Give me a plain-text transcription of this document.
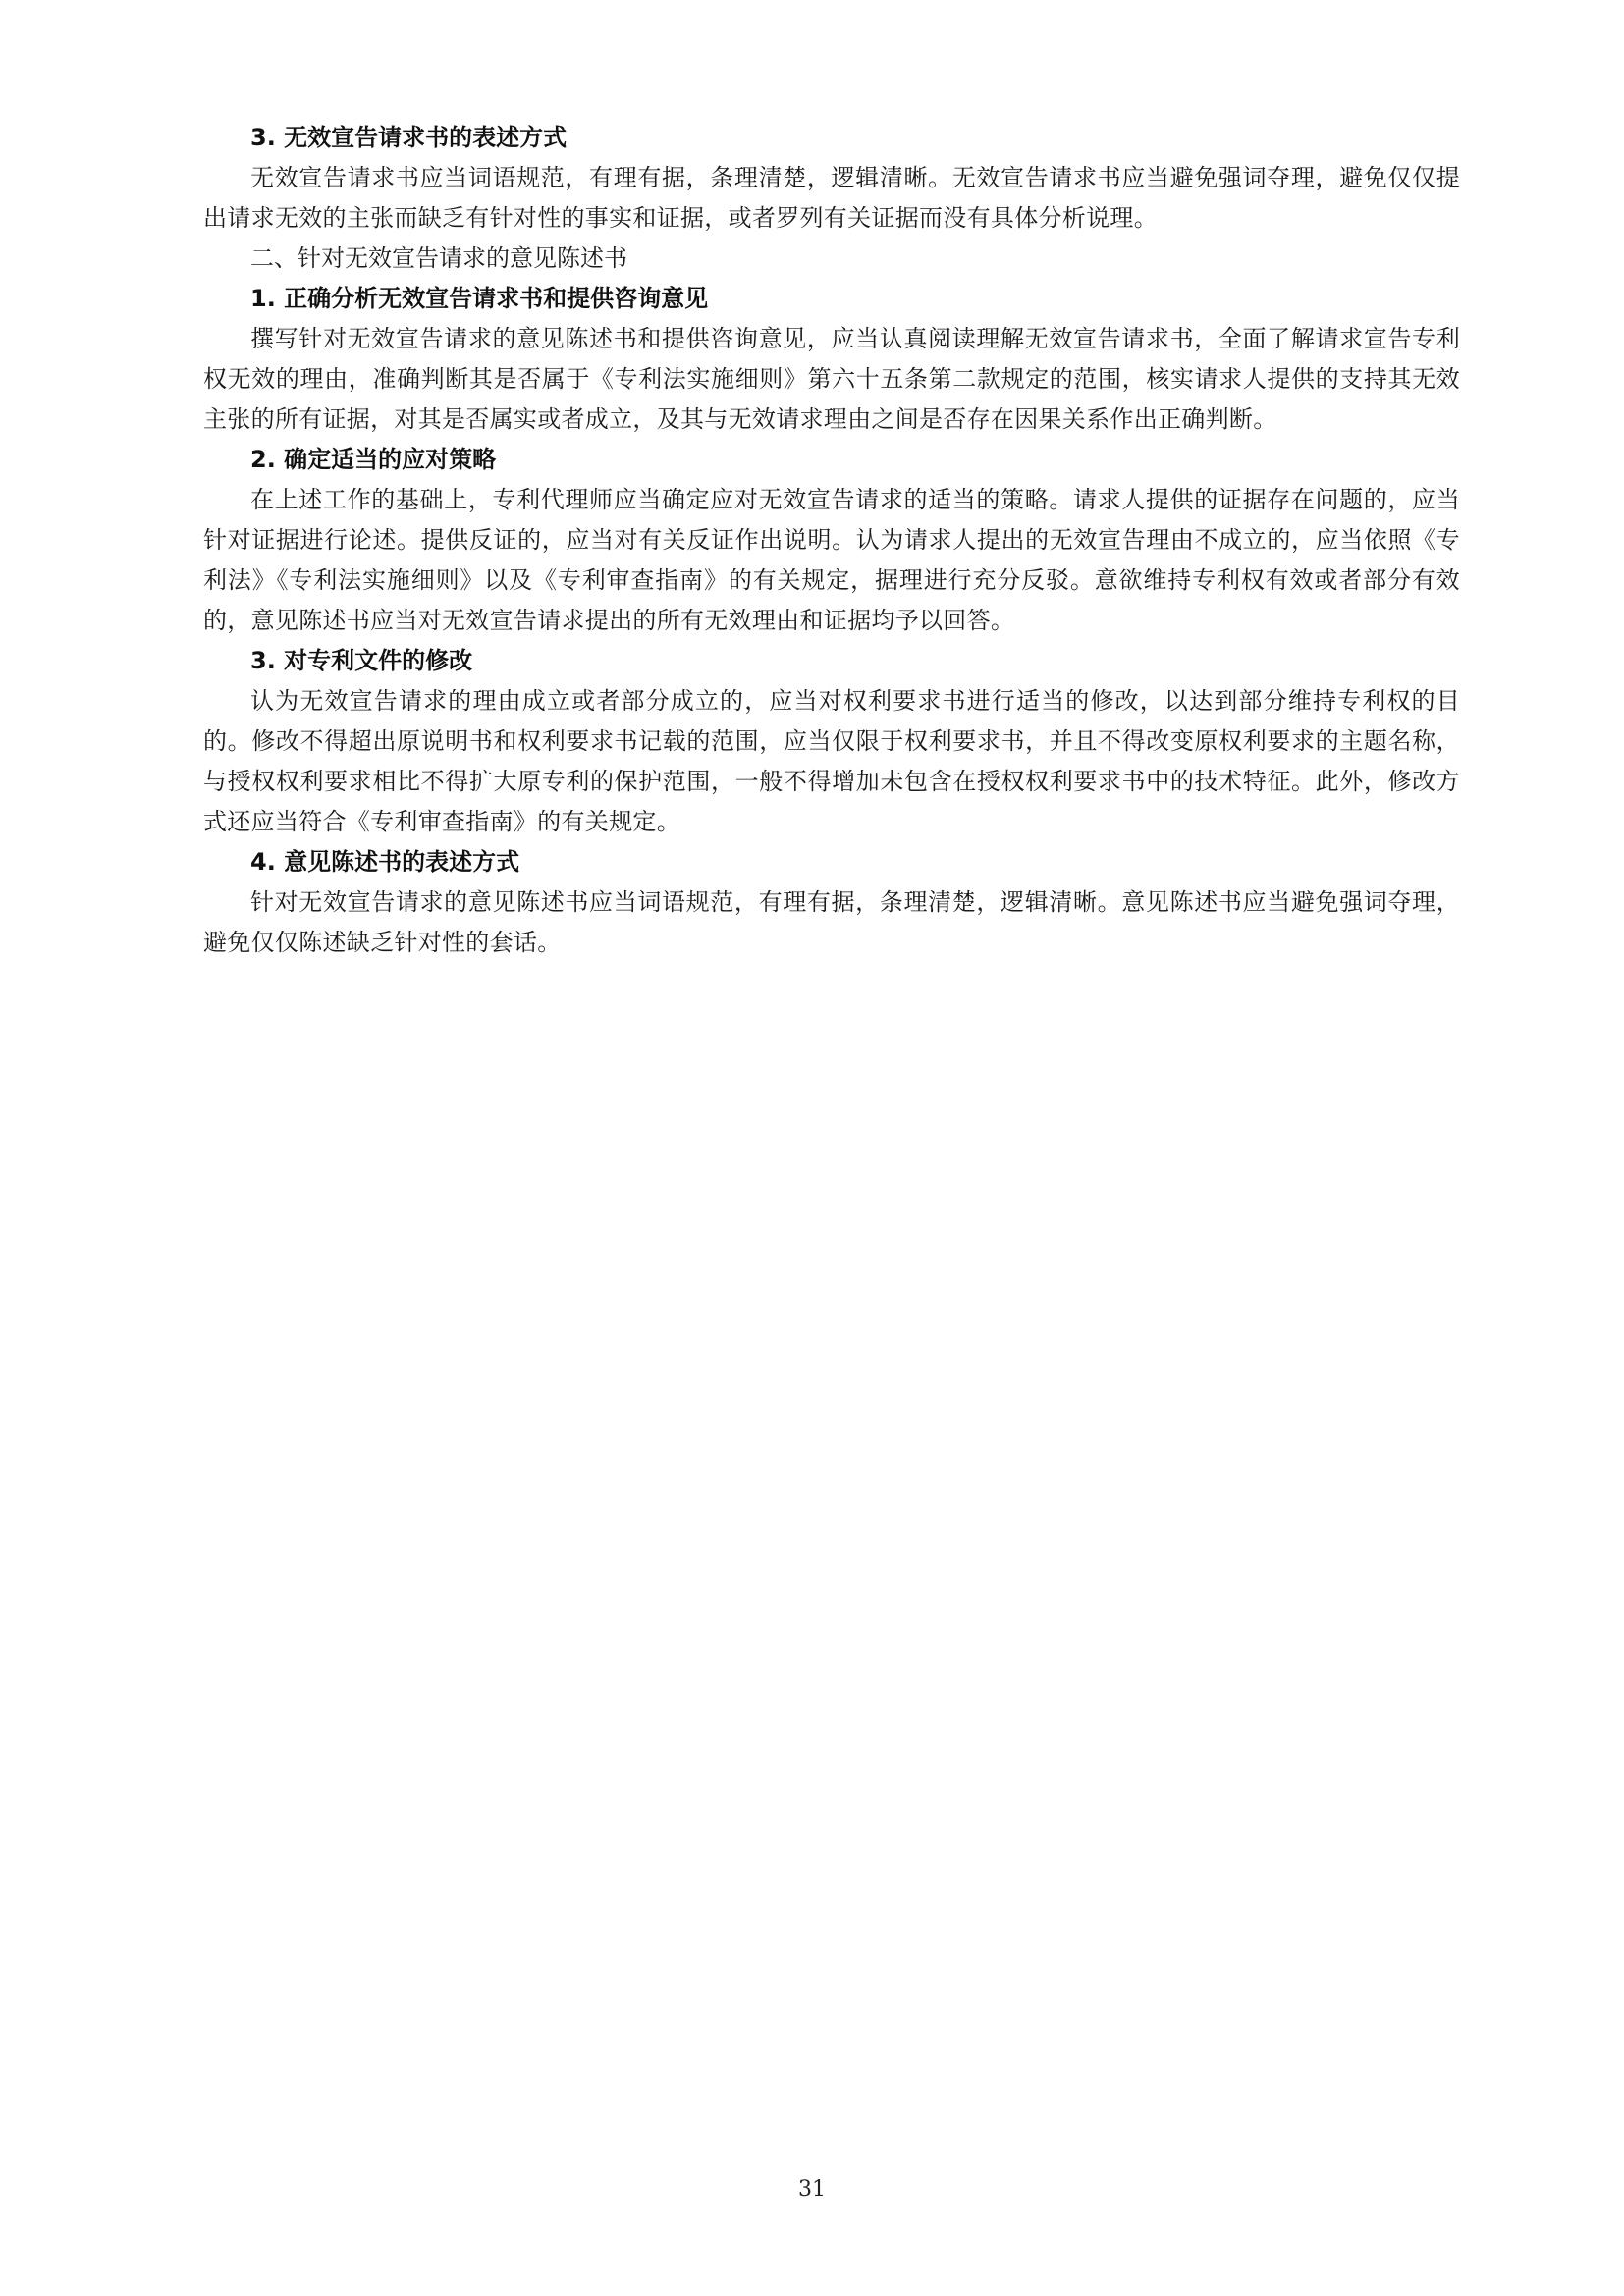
3. 无效宣告请求书的表述方式

无效宣告请求书应当词语规范，有理有据，条理清楚，逻辑清晰。无效宣告请求书应当避免强词夺理，避免仅仅提出请求无效的主张而缺乏有针对性的事实和证据，或者罗列有关证据而没有具体分析说理。

二、针对无效宣告请求的意见陈述书

1. 正确分析无效宣告请求书和提供咨询意见

撰写针对无效宣告请求的意见陈述书和提供咨询意见，应当认真阅读理解无效宣告请求书，全面了解请求宣告专利权无效的理由，准确判断其是否属于《专利法实施细则》第六十五条第二款规定的范围，核实请求人提供的支持其无效主张的所有证据，对其是否属实或者成立，及其与无效请求理由之间是否存在因果关系作出正确判断。

2. 确定适当的应对策略

在上述工作的基础上，专利代理师应当确定应对无效宣告请求的适当的策略。请求人提供的证据存在问题的，应当针对证据进行论述。提供反证的，应当对有关反证作出说明。认为请求人提出的无效宣告理由不成立的，应当依照《专利法》《专利法实施细则》以及《专利审查指南》的有关规定，据理进行充分反驳。意欲维持专利权有效或者部分有效的，意见陈述书应当对无效宣告请求提出的所有无效理由和证据均予以回答。

3. 对专利文件的修改

认为无效宣告请求的理由成立或者部分成立的，应当对权利要求书进行适当的修改，以达到部分维持专利权的目的。修改不得超出原说明书和权利要求书记载的范围，应当仅限于权利要求书，并且不得改变原权利要求的主题名称，与授权权利要求相比不得扩大原专利的保护范围，一般不得增加未包含在授权权利要求书中的技术特征。此外，修改方式还应当符合《专利审查指南》的有关规定。

4. 意见陈述书的表述方式

针对无效宣告请求的意见陈述书应当词语规范，有理有据，条理清楚，逻辑清晰。意见陈述书应当避免强词夺理，避免仅仅陈述缺乏针对性的套话。

31
